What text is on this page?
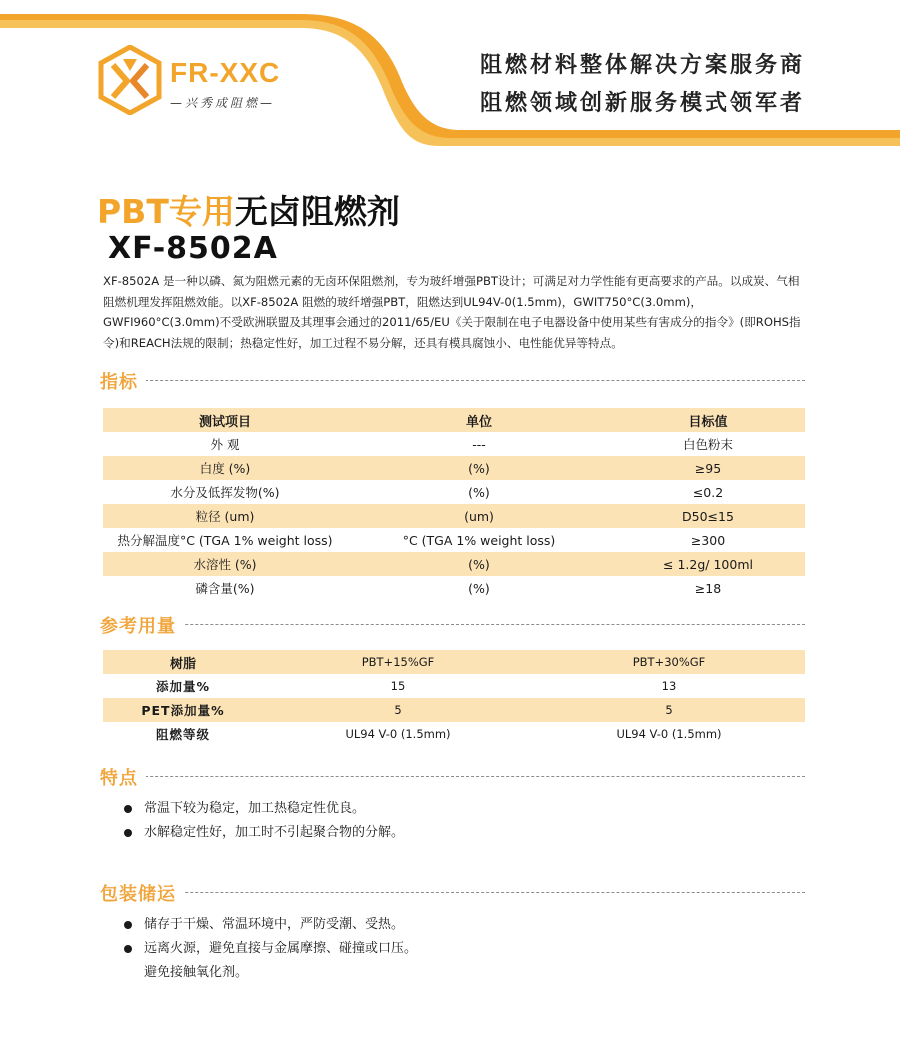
FR-XXC
—兴秀成阻燃—
阻燃材料整体解决方案服务商
阻燃领域创新服务模式领军者
PBT专用无卤阻燃剂
XF-8502A
XF-8502A 是一种以磷、氮为阻燃元素的无卤环保阻燃剂，专为玻纤增强PBT设计；可满足对力学性能有更高要求的产品。以成炭、气相阻燃机理发挥阻燃效能。以XF-8502A 阻燃的玻纤增强PBT，阻燃达到UL94V-0(1.5mm)，GWIT750°C(3.0mm)，GWFI960°C(3.0mm)不受欧洲联盟及其理事会通过的2011/65/EU《关于限制在电子电器设备中使用某些有害成分的指令》(即ROHS指令)和REACH法规的限制；热稳定性好，加工过程不易分解，还具有模具腐蚀小、电性能优异等特点。
指标
测试项目	单位	目标值
外 观	---	白色粉末
白度 (%)	(%)	≥95
水分及低挥发物(%)	(%)	≤0.2
粒径 (um)	(um)	D50≤15
热分解温度°C (TGA 1% weight loss)	°C (TGA 1% weight loss)	≥300
水溶性 (%)	(%)	≤ 1.2g/ 100ml
磷含量(%)	(%)	≥18
参考用量
树脂	PBT+15%GF	PBT+30%GF
添加量%	15	13
PET添加量%	5	5
阻燃等级	UL94 V-0 (1.5mm)	UL94 V-0 (1.5mm)
特点
常温下较为稳定，加工热稳定性优良。
水解稳定性好，加工时不引起聚合物的分解。
包装储运
储存于干燥、常温环境中，严防受潮、受热。
远离火源，避免直接与金属摩擦、碰撞或口压。
避免接触氧化剂。
